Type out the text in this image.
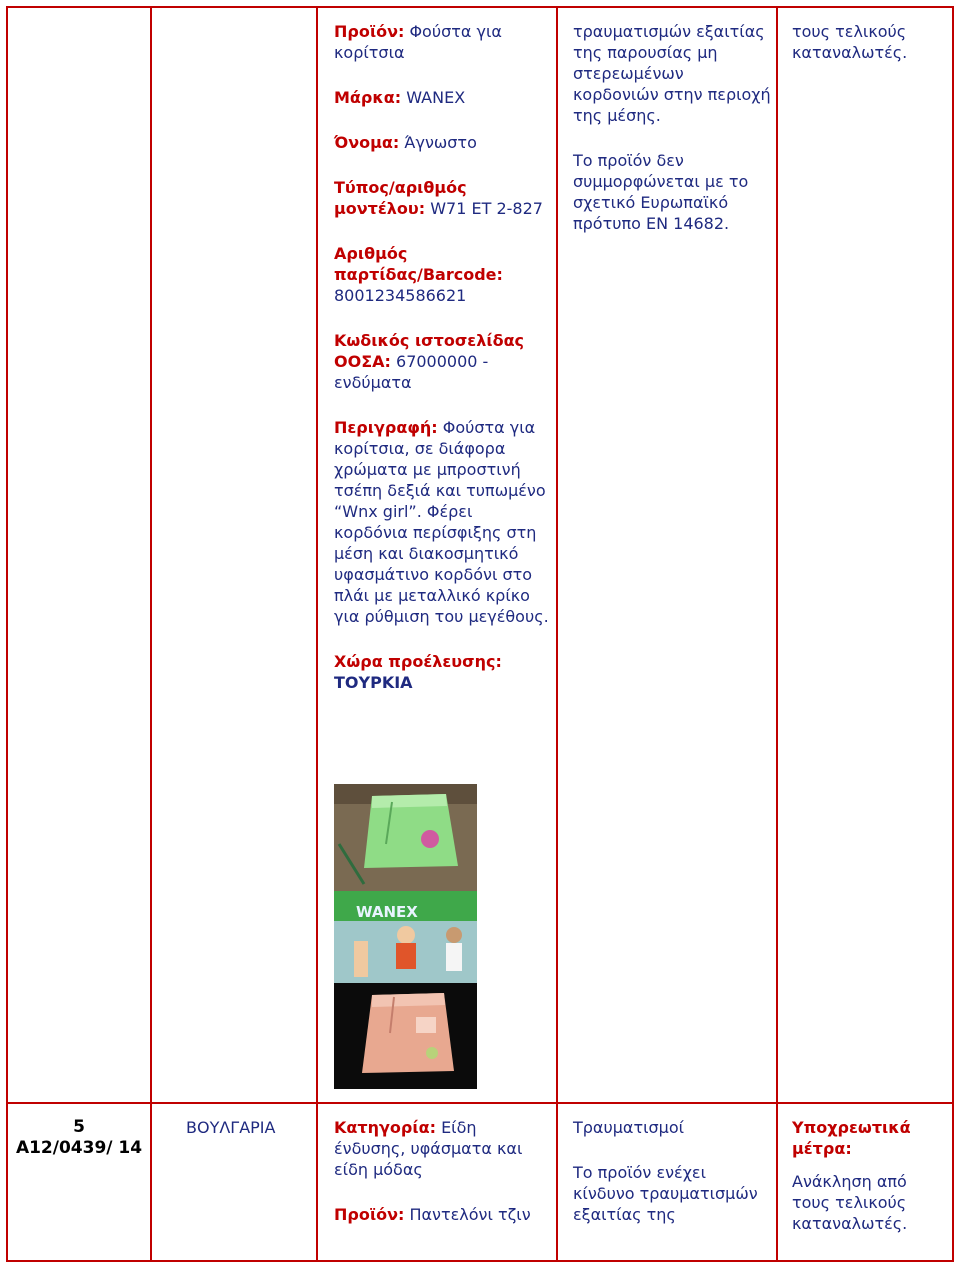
Προϊόν: Φούστα για κορίτσια

Μάρκα: WANEX

Όνομα: Άγνωστο

Τύπος/αριθμός μοντέλου: W71 ET 2-827

Αριθμός παρτίδας/Barcode: 8001234586621

Κωδικός ιστοσελίδας ΟΟΣΑ: 67000000 - ενδύματα

Περιγραφή: Φούστα για κορίτσια, σε διάφορα χρώματα με μπροστινή τσέπη δεξιά και τυπωμένο “Wnx girl”. Φέρει κορδόνια περίσφιξης στη μέση και διακοσμητικό υφασμάτινο κορδόνι στο πλάι με μεταλλικό κρίκο για ρύθμιση του μεγέθους.

Χώρα προέλευσης: ΤΟΥΡΚΙΑ

WANEX

τραυματισμών εξαιτίας της παρουσίας μη στερεωμένων κορδονιών στην περιοχή της μέσης.

Το προϊόν δεν συμμορφώνεται με το σχετικό Ευρωπαϊκό πρότυπο EN 14682.

τους τελικούς καταναλωτές.

5
A12/0439/ 14
ΒΟΥΛΓΑΡΙΑ	Κατηγορία: Είδη ένδυσης, υφάσματα και είδη μόδας

Προϊόν: Παντελόνι τζιν

Τραυματισμοί

Το προϊόν ενέχει κίνδυνο τραυματισμών εξαιτίας της

Υποχρεωτικά μέτρα:

Ανάκληση από τους τελικούς καταναλωτές.
